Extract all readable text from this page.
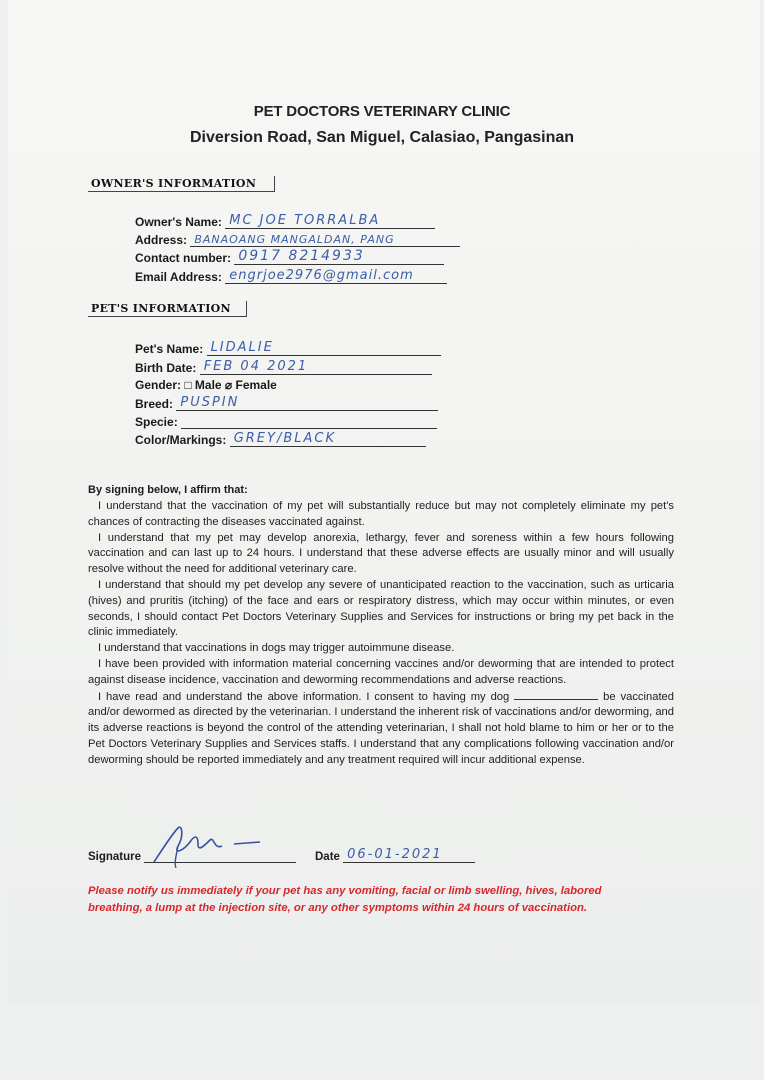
PET DOCTORS VETERINARY CLINIC
Diversion Road, San Miguel, Calasiao, Pangasinan
OWNER'S INFORMATION
Owner's Name: MC JOE TORRALBA
Address: BANAOANG MANGALDAN, PANG
Contact number: 0917 8214933
Email Address: engrjoe2976@gmail.com
PET'S INFORMATION
Pet's Name: LIDALIE
Birth Date: FEB 04 2021
Gender: □ Male ⌀ Female
Breed: PUSPIN
Specie:
Color/Markings: GREY/BLACK
By signing below, I affirm that:

I understand that the vaccination of my pet will substantially reduce but may not completely eliminate my pet's chances of contracting the diseases vaccinated against.

I understand that my pet may develop anorexia, lethargy, fever and soreness within a few hours following vaccination and can last up to 24 hours. I understand that these adverse effects are usually minor and will usually resolve without the need for additional veterinary care.

I understand that should my pet develop any severe of unanticipated reaction to the vaccination, such as urticaria (hives) and pruritis (itching) of the face and ears or respiratory distress, which may occur within minutes, or even seconds, I should contact Pet Doctors Veterinary Supplies and Services for instructions or bring my pet back in the clinic immediately.

I understand that vaccinations in dogs may trigger autoimmune disease.

I have been provided with information material concerning vaccines and/or deworming that are intended to protect against disease incidence, vaccination and deworming recommendations and adverse reactions.

I have read and understand the above information. I consent to having my dog	be vaccinated and/or dewormed as directed by the veterinarian. I understand the inherent risk of vaccinations and/or deworming, and its adverse reactions is beyond the control of the attending veterinarian, I shall not hold blame to him or her or to the Pet Doctors Veterinary Supplies and Services staffs. I understand that any complications following vaccination and/or deworming should be reported immediately and any treatment required will incur additional expense.

Signature	Date 06-01-2021
Please notify us immediately if your pet has any vomiting, facial or limb swelling, hives, labored breathing, a lump at the injection site, or any other symptoms within 24 hours of vaccination.
